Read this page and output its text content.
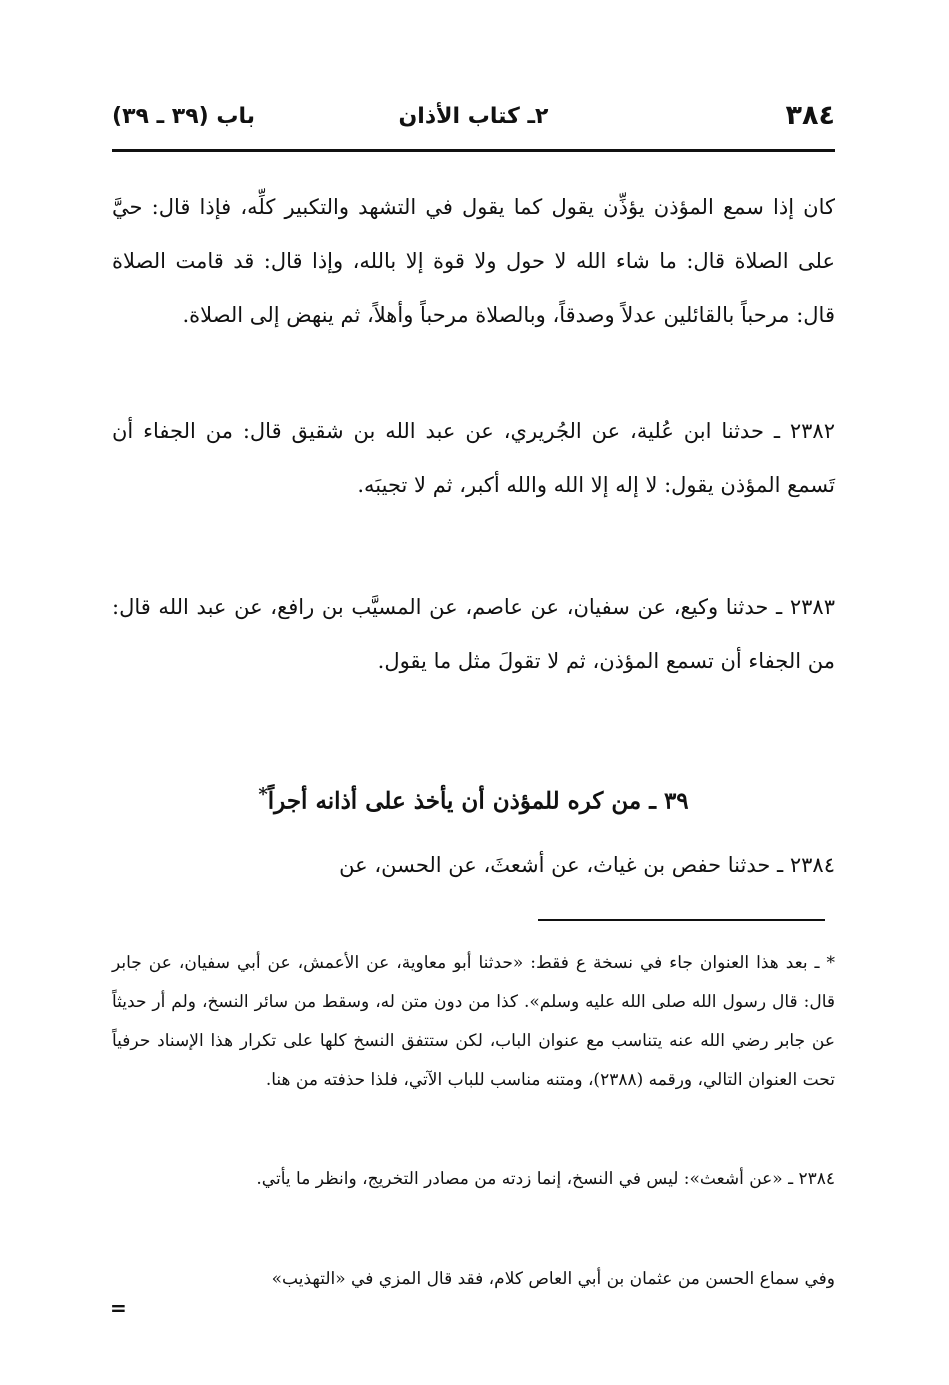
٣٨٤
٢ـ كتاب الأذان
باب (٣٩ ـ ٣٩)

كان إذا سمع المؤذن يؤذِّن يقول كما يقول في التشهد والتكبير كلِّه، فإذا قال: حيَّ على الصلاة قال: ما شاء الله لا حول ولا قوة إلا بالله، وإذا قال: قد قامت الصلاة قال: مرحباً بالقائلين عدلاً وصدقاً، وبالصلاة مرحباً وأهلاً، ثم ينهض إلى الصلاة.

٢٣٨٢ ـ حدثنا ابن عُلية، عن الجُريري، عن عبد الله بن شقيق قال: من الجفاء أن تَسمع المؤذن يقول: لا إله إلا الله والله أكبر، ثم لا تجيبَه.

٢٣٨٣ ـ حدثنا وكيع، عن سفيان، عن عاصم، عن المسيَّب بن رافع، عن عبد الله قال: من الجفاء أن تسمع المؤذن، ثم لا تقولَ مثل ما يقول.

٣٩ ـ من كره للمؤذن أن يأخذ على أذانه أجراً*

٢٣٨٤ ـ حدثنا حفص بن غياث، عن أشعثَ، عن الحسن، عن

* ـ بعد هذا العنوان جاء في نسخة ع فقط: «حدثنا أبو معاوية، عن الأعمش، عن أبي سفيان، عن جابر قال: قال رسول الله صلى الله عليه وسلم». كذا من دون متن له، وسقط من سائر النسخ، ولم أر حديثاً عن جابر رضي الله عنه يتناسب مع عنوان الباب، لكن ستتفق النسخ كلها على تكرار هذا الإسناد حرفياً تحت العنوان التالي، ورقمه (٢٣٨٨)، ومتنه مناسب للباب الآتي، فلذا حذفته من هنا.

٢٣٨٤ ـ «عن أشعث»: ليس في النسخ، إنما زدته من مصادر التخريج، وانظر ما يأتي.

وفي سماع الحسن من عثمان بن أبي العاص كلام، فقد قال المزي في «التهذيب»

=
